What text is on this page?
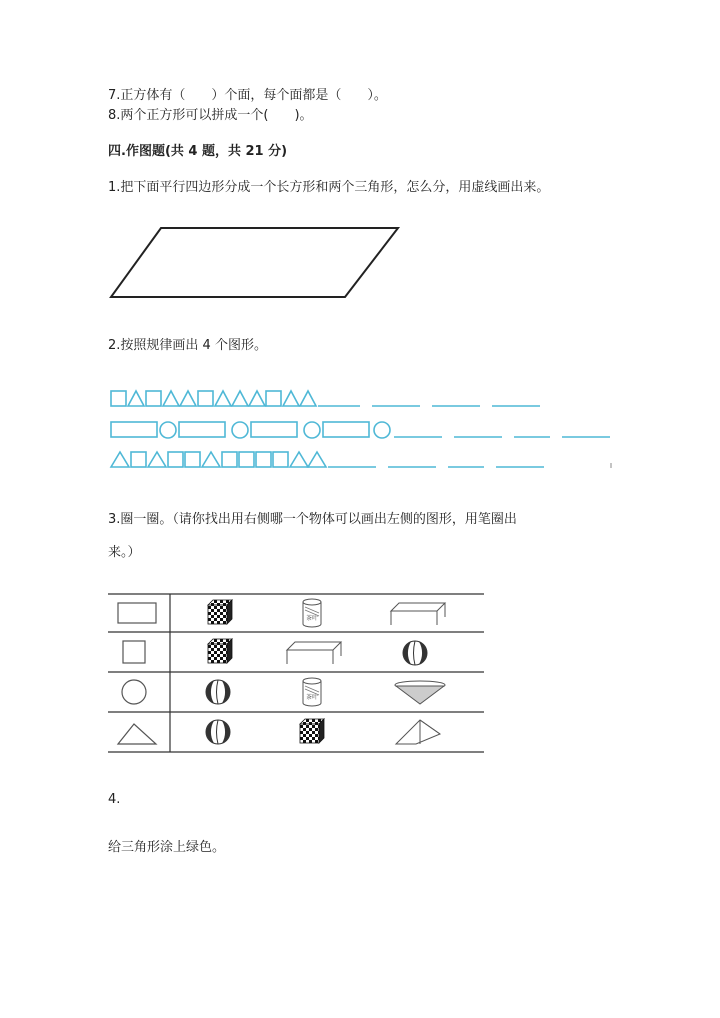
7.正方体有（　　）个面，每个面都是（　　）。
8.两个正方形可以拼成一个(　　)。
四.作图题(共 4 题，共 21 分)
1.把下面平行四边形分成一个长方形和两个三角形，怎么分，用虚线画出来。
2.按照规律画出 4 个图形。
3.圈一圈。（请你找出用右侧哪一个物体可以画出左侧的图形，用笔圈出
来。）
茶叶
茶叶
4.
给三角形涂上绿色。
